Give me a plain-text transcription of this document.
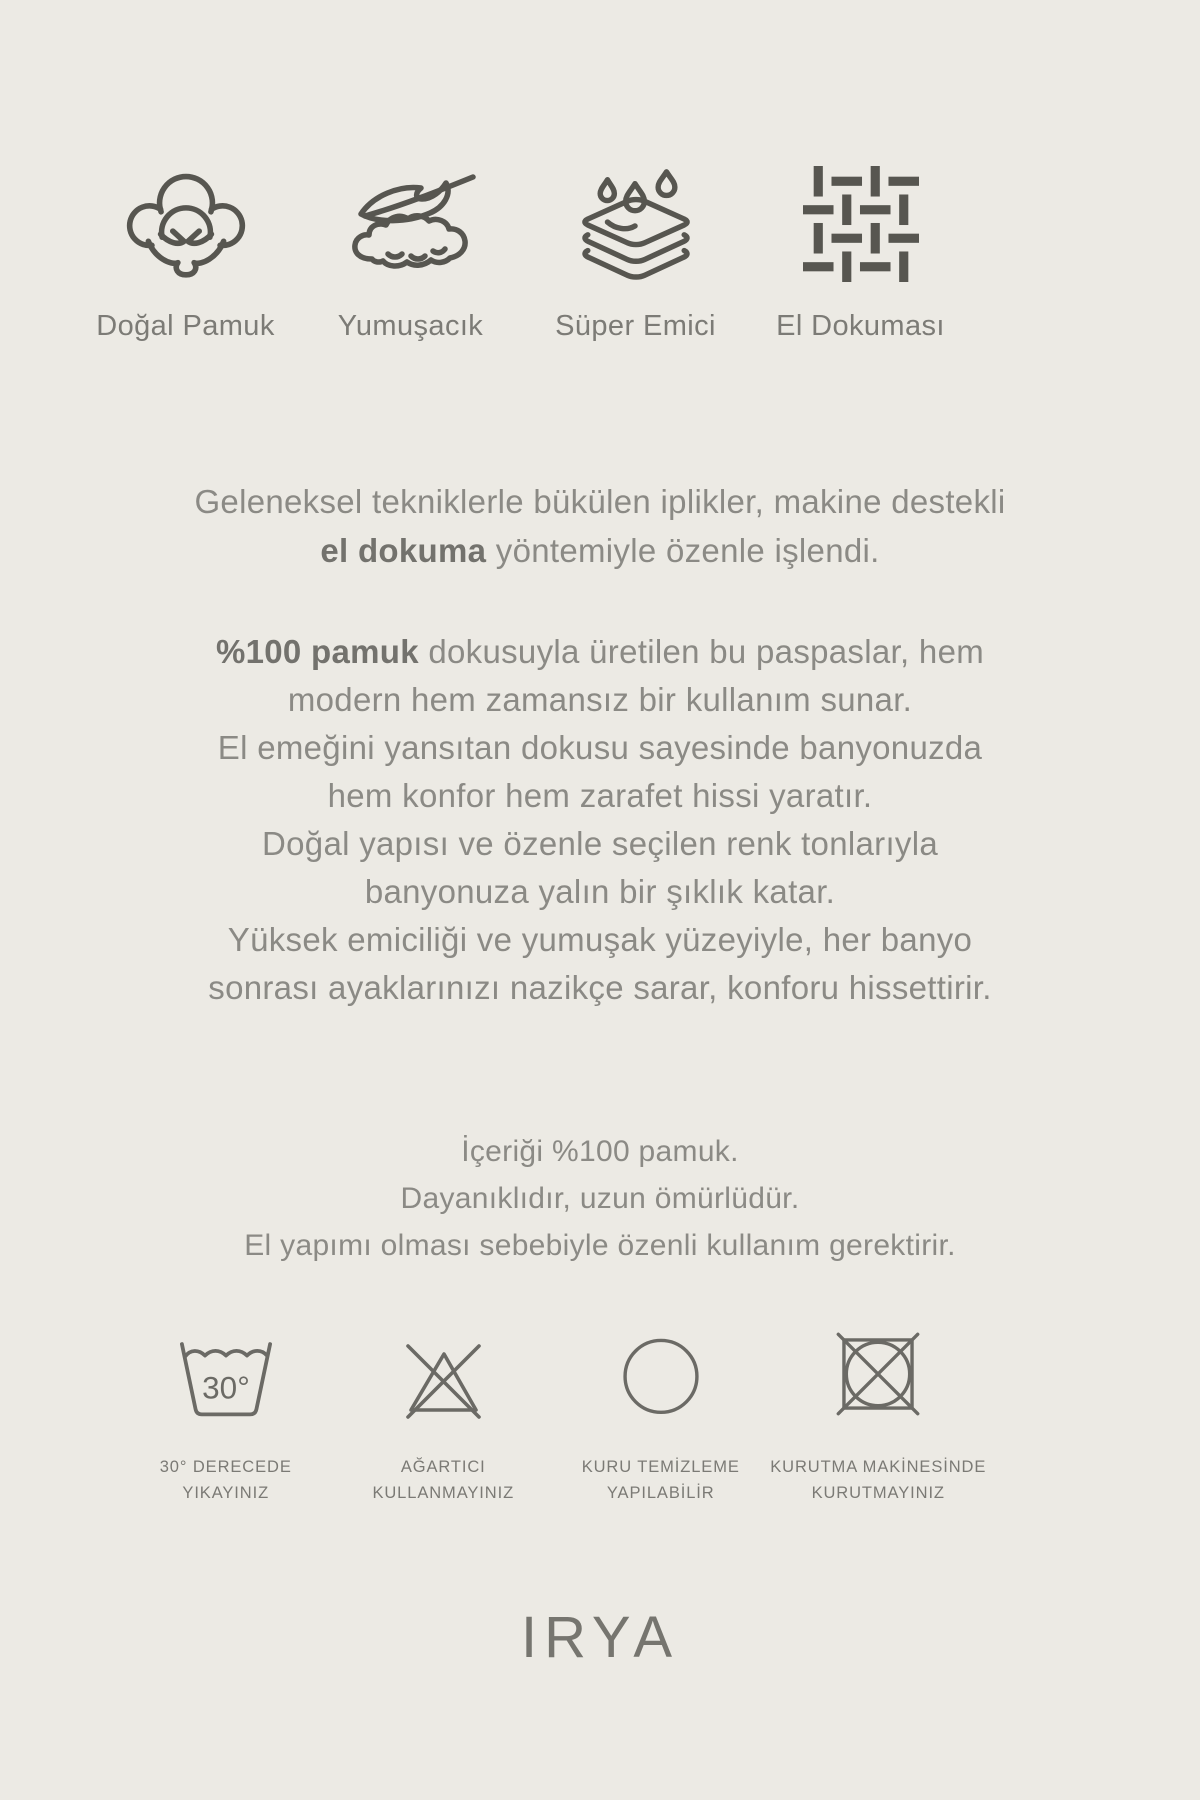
Doğal Pamuk Yumuşacık Süper Emici El Dokuması
Geleneksel tekniklerle bükülen iplikler, makine destekli
el dokuma yöntemiyle özenle işlendi.
%100 pamuk dokusuyla üretilen bu paspaslar, hem
modern hem zamansız bir kullanım sunar.
El emeğini yansıtan dokusu sayesinde banyonuzda
hem konfor hem zarafet hissi yaratır.
Doğal yapısı ve özenle seçilen renk tonlarıyla
banyonuza yalın bir şıklık katar.
Yüksek emiciliği ve yumuşak yüzeyiyle, her banyo
sonrası ayaklarınızı nazikçe sarar, konforu hissettirir.
İçeriği %100 pamuk.
Dayanıklıdır, uzun ömürlüdür.
El yapımı olması sebebiyle özenli kullanım gerektirir.
30°
30° DERECEDE
YIKAYINIZ
AĞARTICI
KULLANMAYINIZ
KURU TEMİZLEME
YAPILABİLİR
KURUTMA MAKİNESİNDE
KURUTMAYINIZ
IRYA
